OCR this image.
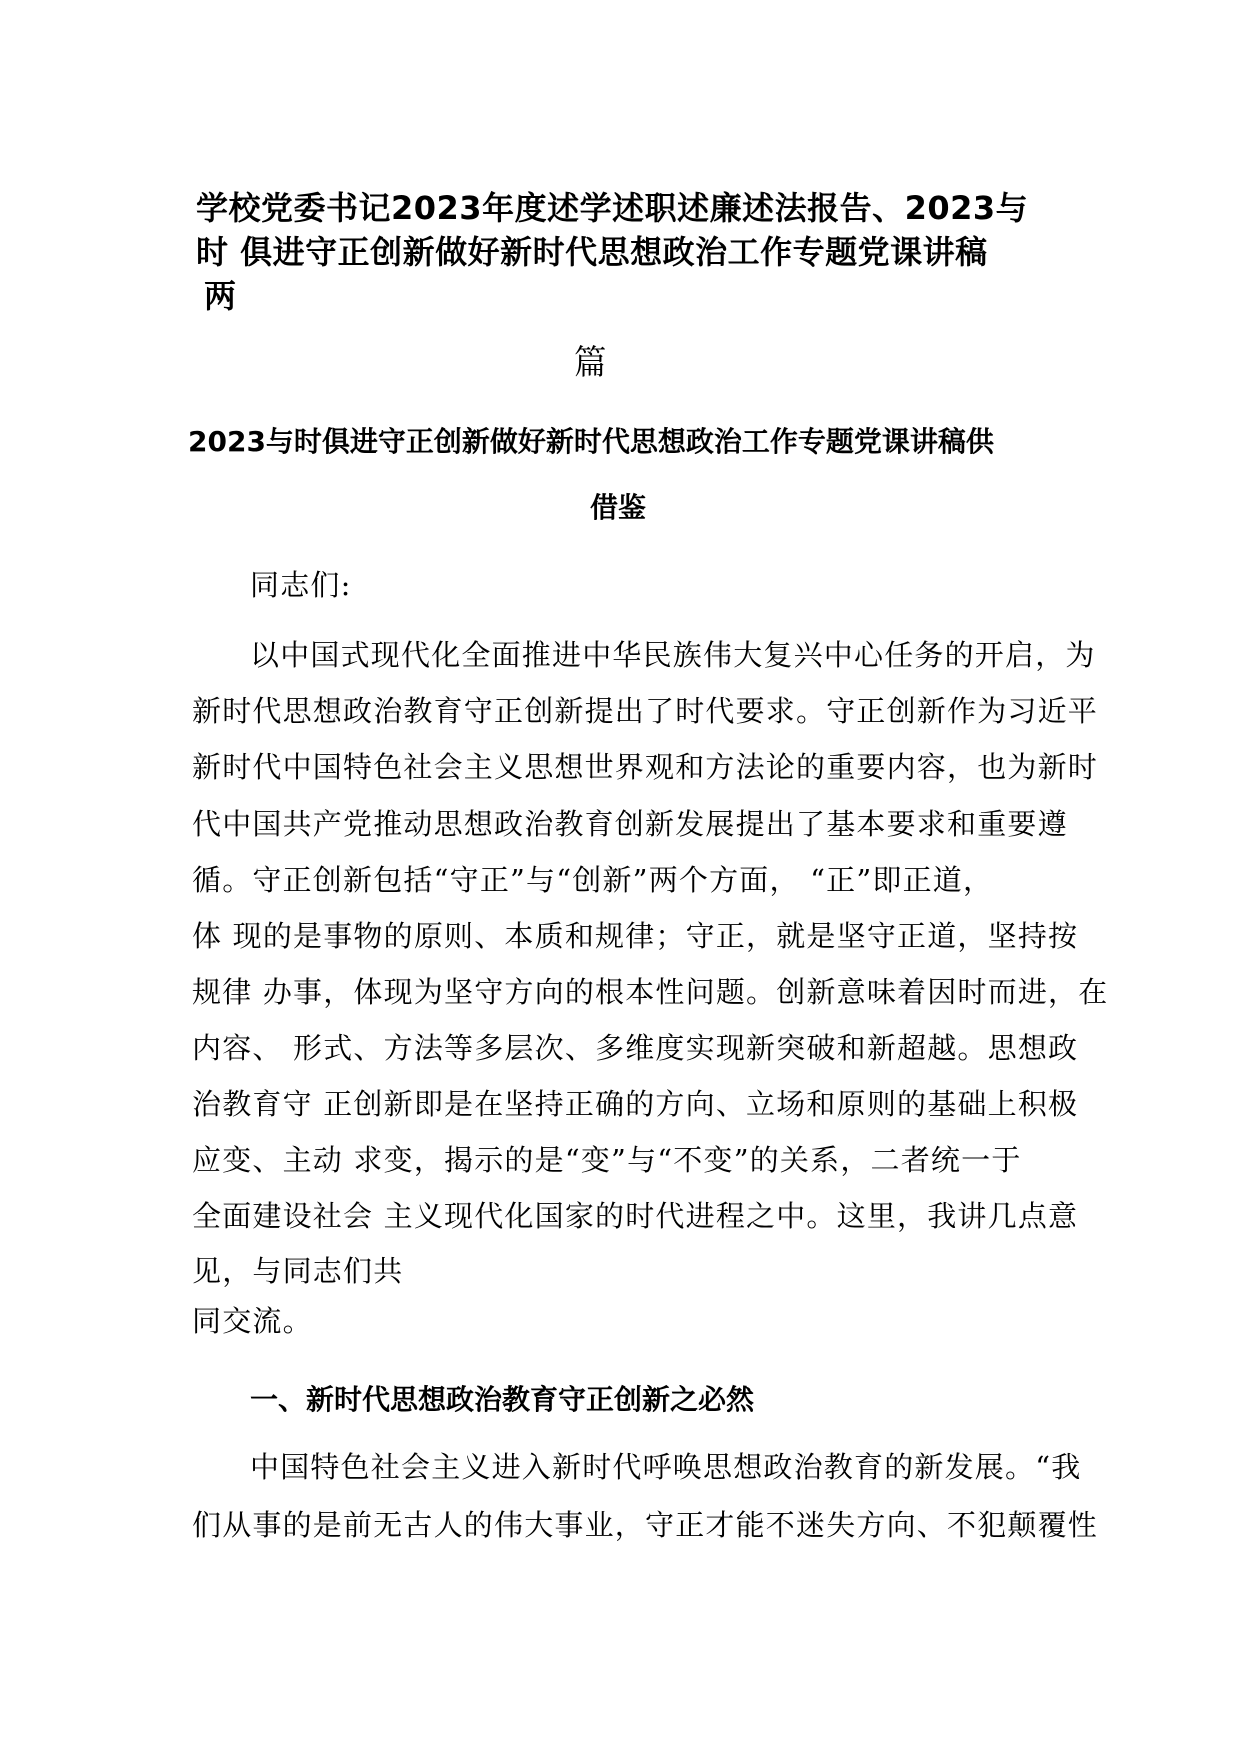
学校党委书记2023年度述学述职述廉述法报告、2023与
时 俱进守正创新做好新时代思想政治工作专题党课讲稿
两
篇
2023与时俱进守正创新做好新时代思想政治工作专题党课讲稿供
借鉴
同志们:
以中国式现代化全面推进中华民族伟大复兴中心任务的开启，为
新时代思想政治教育守正创新提出了时代要求。守正创新作为习近平
新时代中国特色社会主义思想世界观和方法论的重要内容，也为新时
代中国共产党推动思想政治教育创新发展提出了基本要求和重要遵
循。守正创新包括“守正”与“创新”两个方面， “正”即正道，
体 现的是事物的原则、本质和规律；守正，就是坚守正道，坚持按
规律 办事，体现为坚守方向的根本性问题。创新意味着因时而进，在
内容、 形式、方法等多层次、多维度实现新突破和新超越。思想政
治教育守 正创新即是在坚持正确的方向、立场和原则的基础上积极
应变、主动 求变，揭示的是“变”与“不变”的关系，二者统一于
全面建设社会 主义现代化国家的时代进程之中。这里，我讲几点意
见，与同志们共
同交流。
一、新时代思想政治教育守正创新之必然
中国特色社会主义进入新时代呼唤思想政治教育的新发展。“我
们从事的是前无古人的伟大事业，守正才能不迷失方向、不犯颠覆性
